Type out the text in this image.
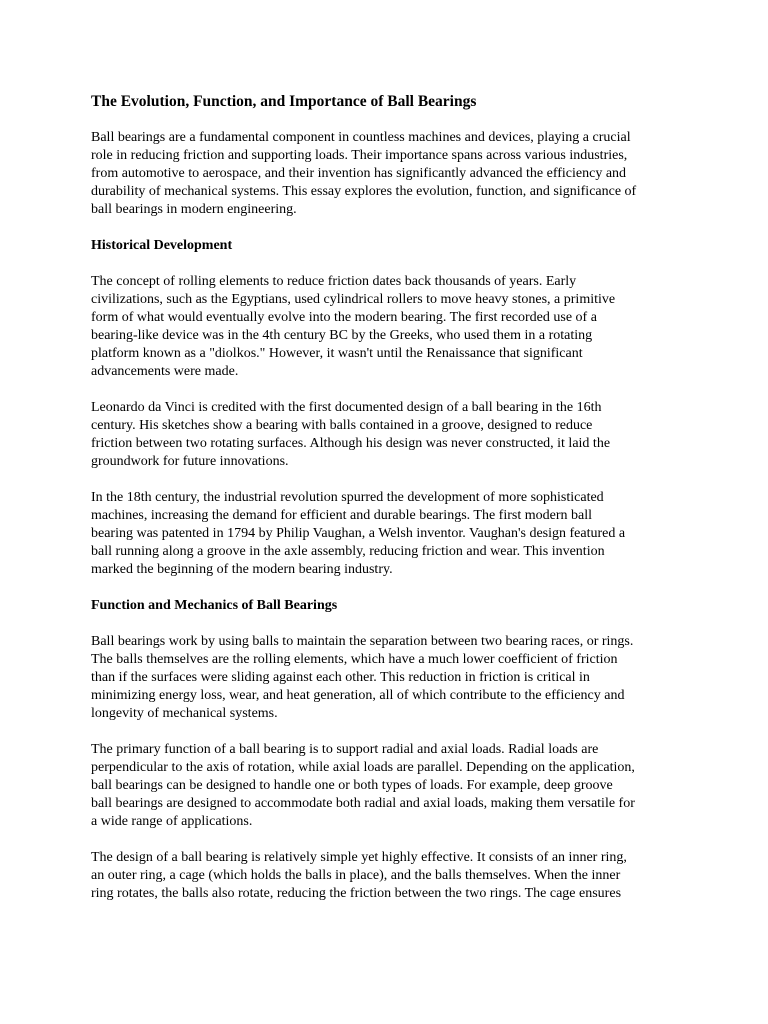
The Evolution, Function, and Importance of Ball Bearings
Ball bearings are a fundamental component in countless machines and devices, playing a crucial
role in reducing friction and supporting loads. Their importance spans across various industries,
from automotive to aerospace, and their invention has significantly advanced the efficiency and
durability of mechanical systems. This essay explores the evolution, function, and significance of
ball bearings in modern engineering.
Historical Development
The concept of rolling elements to reduce friction dates back thousands of years. Early
civilizations, such as the Egyptians, used cylindrical rollers to move heavy stones, a primitive
form of what would eventually evolve into the modern bearing. The first recorded use of a
bearing-like device was in the 4th century BC by the Greeks, who used them in a rotating
platform known as a "diolkos." However, it wasn't until the Renaissance that significant
advancements were made.
Leonardo da Vinci is credited with the first documented design of a ball bearing in the 16th
century. His sketches show a bearing with balls contained in a groove, designed to reduce
friction between two rotating surfaces. Although his design was never constructed, it laid the
groundwork for future innovations.
In the 18th century, the industrial revolution spurred the development of more sophisticated
machines, increasing the demand for efficient and durable bearings. The first modern ball
bearing was patented in 1794 by Philip Vaughan, a Welsh inventor. Vaughan's design featured a
ball running along a groove in the axle assembly, reducing friction and wear. This invention
marked the beginning of the modern bearing industry.
Function and Mechanics of Ball Bearings
Ball bearings work by using balls to maintain the separation between two bearing races, or rings.
The balls themselves are the rolling elements, which have a much lower coefficient of friction
than if the surfaces were sliding against each other. This reduction in friction is critical in
minimizing energy loss, wear, and heat generation, all of which contribute to the efficiency and
longevity of mechanical systems.
The primary function of a ball bearing is to support radial and axial loads. Radial loads are
perpendicular to the axis of rotation, while axial loads are parallel. Depending on the application,
ball bearings can be designed to handle one or both types of loads. For example, deep groove
ball bearings are designed to accommodate both radial and axial loads, making them versatile for
a wide range of applications.
The design of a ball bearing is relatively simple yet highly effective. It consists of an inner ring,
an outer ring, a cage (which holds the balls in place), and the balls themselves. When the inner
ring rotates, the balls also rotate, reducing the friction between the two rings. The cage ensures
